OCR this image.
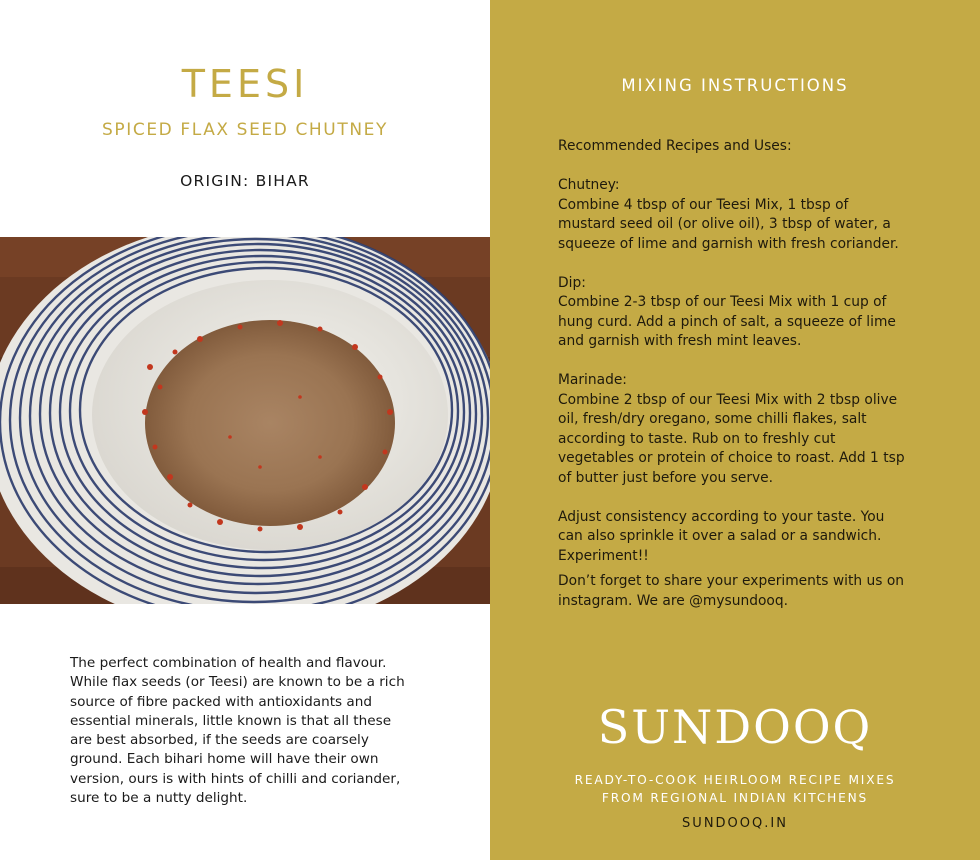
TEESI
SPICED FLAX SEED CHUTNEY
ORIGIN: BIHAR
The perfect combination of health and flavour.
While flax seeds (or Teesi) are known to be a rich
source of fibre packed with antioxidants and
essential minerals, little known is that all these
are best absorbed, if the seeds are coarsely
ground. Each bihari home will have their own
version, ours is with hints of chilli and coriander,
sure to be a nutty delight.
MIXING INSTRUCTIONS

Recommended Recipes and Uses:

Chutney:

Combine 4 tbsp of our Teesi Mix, 1 tbsp of

mustard seed oil (or olive oil), 3 tbsp of water, a

squeeze of lime and garnish with fresh coriander.

Dip:

Combine 2-3 tbsp of our Teesi Mix with 1 cup of

hung curd. Add a pinch of salt, a squeeze of lime

and garnish with fresh mint leaves.

Marinade:

Combine 2 tbsp of our Teesi Mix with 2 tbsp olive

oil, fresh/dry oregano, some chilli flakes, salt

according to taste. Rub on to freshly cut

vegetables or protein of choice to roast. Add 1 tsp

of butter just before you serve.

Adjust consistency according to your taste. You

can also sprinkle it over a salad or a sandwich.

Experiment!!

Don’t forget to share your experiments with us on

instagram. We are @mysundooq.

SUNDOOQ
READY-TO-COOK HEIRLOOM RECIPE MIXES
FROM REGIONAL INDIAN KITCHENS
SUNDOOQ.IN
